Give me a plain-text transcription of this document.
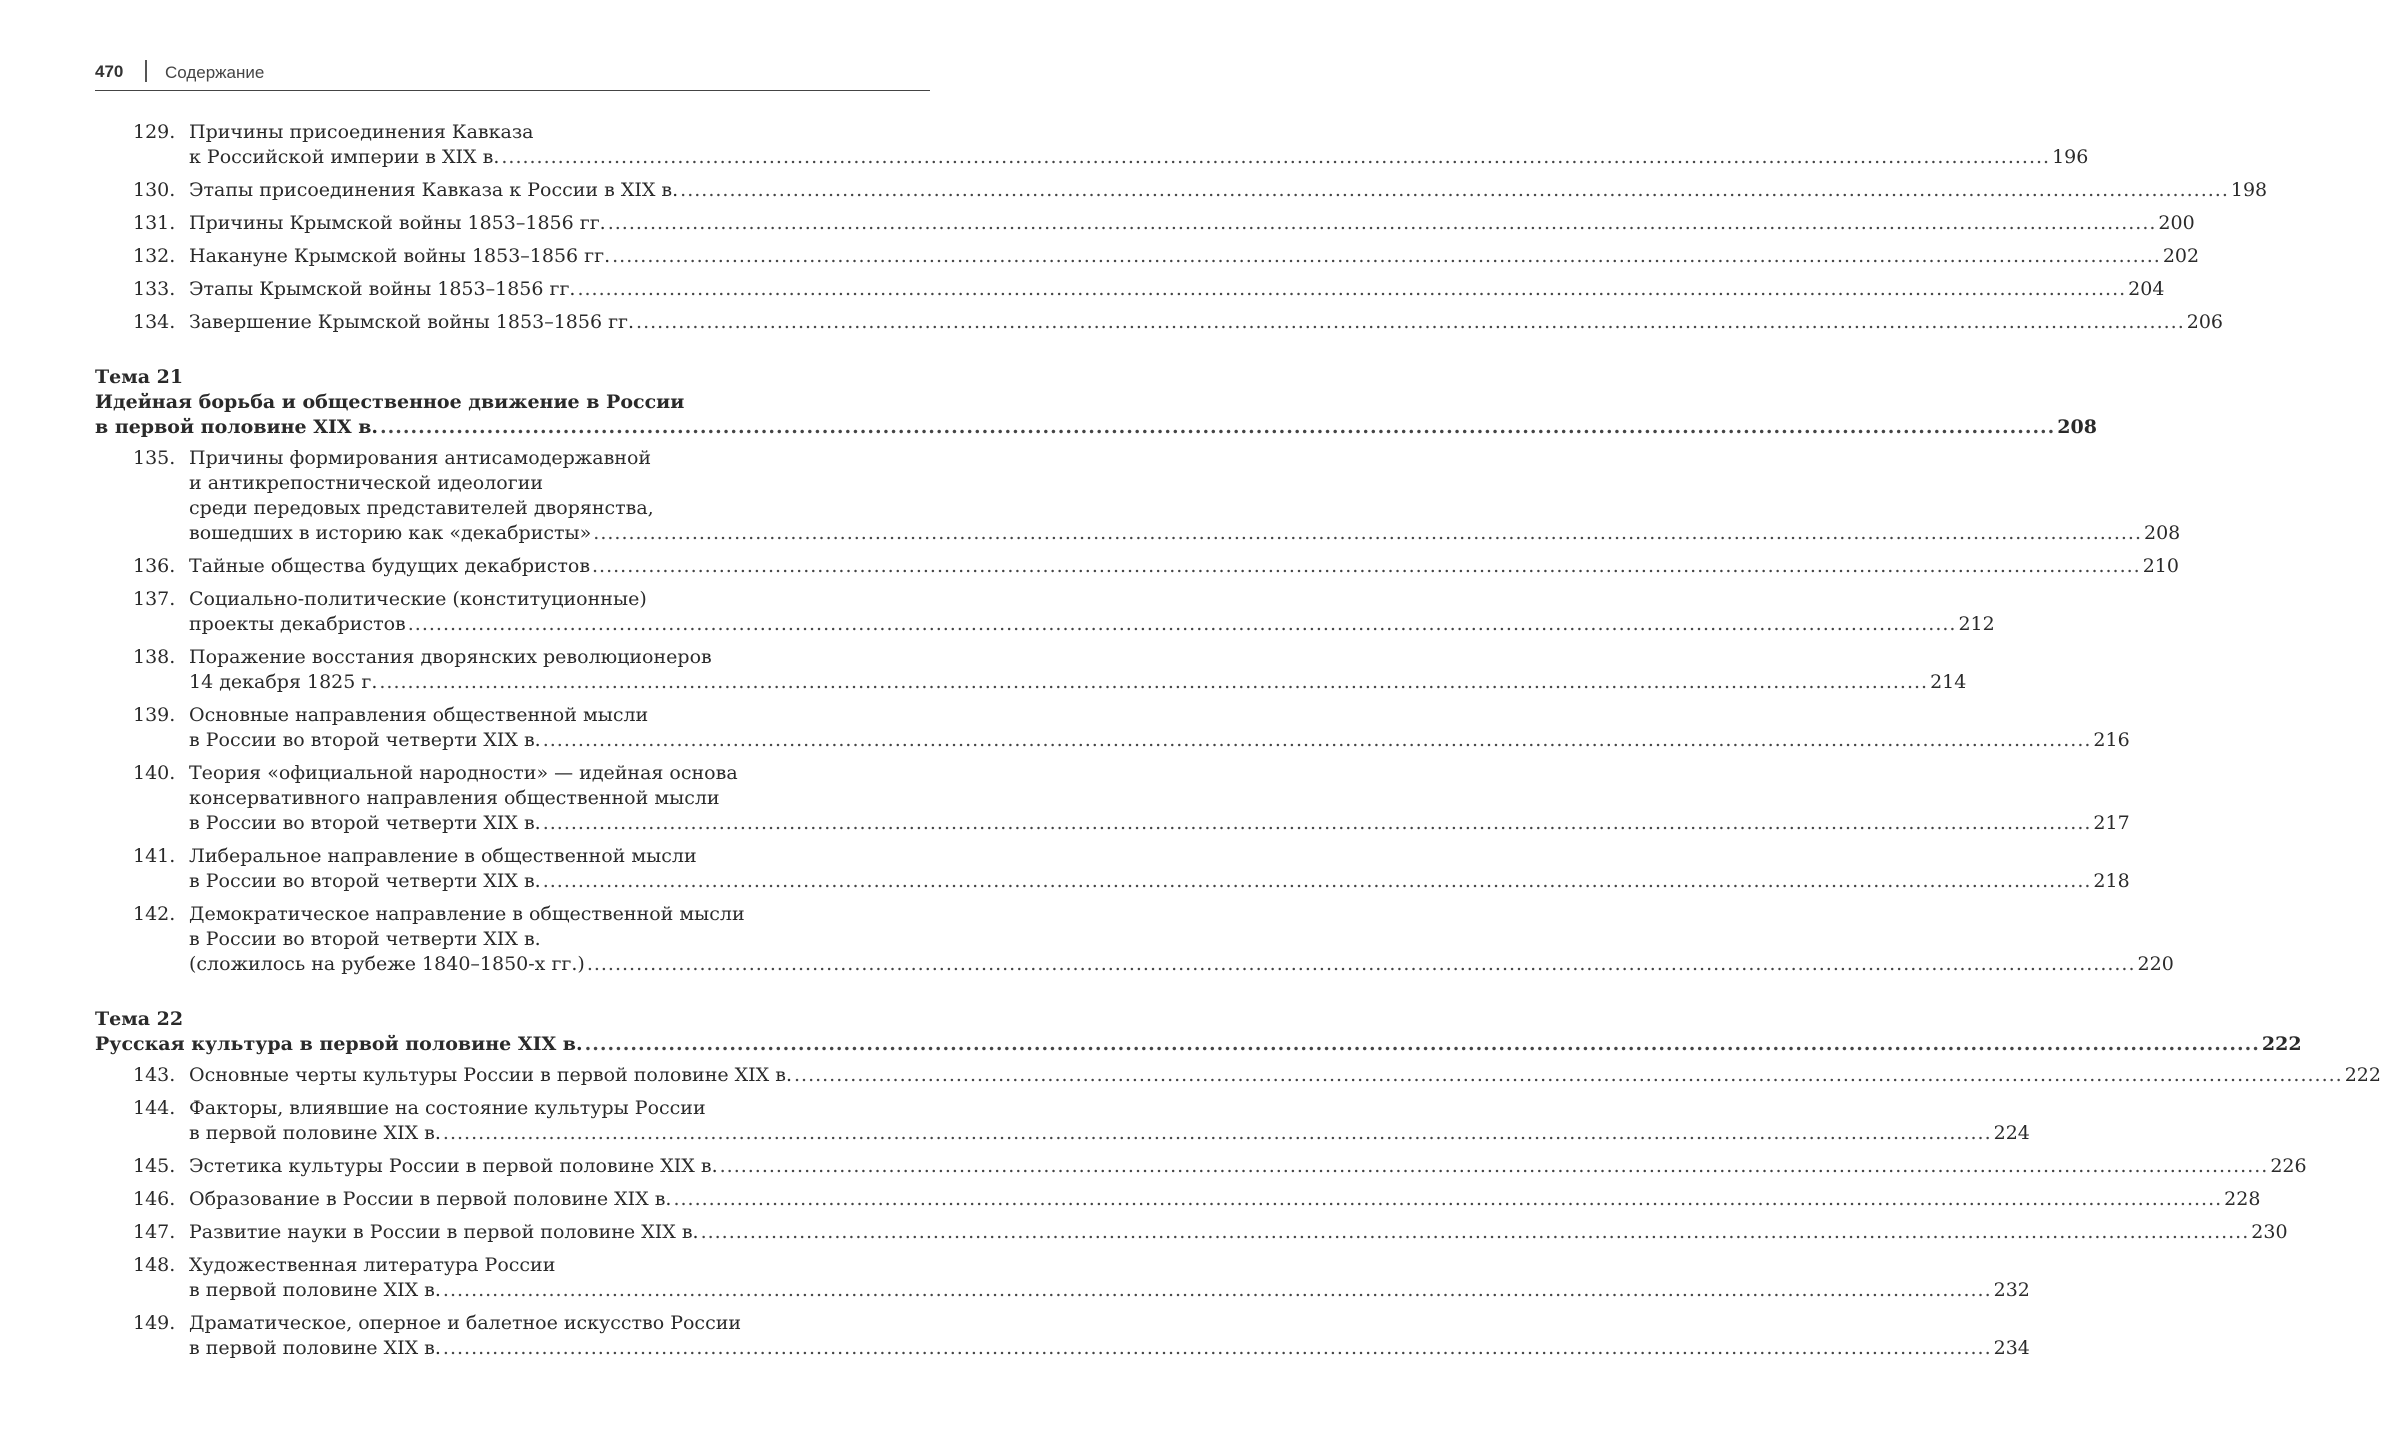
470 Содержание
129. Причины присоединения Кавказа
к Российской империи в XIX в. ............................................................................................................................................................................................................................ 196
130. Этапы присоединения Кавказа к России в XIX в. ............................................................................................................................................................................................................................ 198
131. Причины Крымской войны 1853–1856 гг. ............................................................................................................................................................................................................................ 200
132. Накануне Крымской войны 1853–1856 гг. ............................................................................................................................................................................................................................ 202
133. Этапы Крымской войны 1853–1856 гг. ............................................................................................................................................................................................................................ 204
134. Завершение Крымской войны 1853–1856 гг. ............................................................................................................................................................................................................................ 206
Тема 21
Идейная борьба и общественное движение в России
в первой половине XIX в. ............................................................................................................................................................................................................................ 208
135. Причины формирования антисамодержавной
и антикрепостнической идеологии
среди передовых представителей дворянства,
вошедших в историю как «декабристы» ............................................................................................................................................................................................................................ 208
136. Тайные общества будущих декабристов ............................................................................................................................................................................................................................ 210
137. Социально-политические (конституционные)
проекты декабристов ............................................................................................................................................................................................................................ 212
138. Поражение восстания дворянских революционеров
14 декабря 1825 г. ............................................................................................................................................................................................................................ 214
139. Основные направления общественной мысли
в России во второй четверти XIX в. ............................................................................................................................................................................................................................ 216
140. Теория «официальной народности» — идейная основа
консервативного направления общественной мысли
в России во второй четверти XIX в. ............................................................................................................................................................................................................................ 217
141. Либеральное направление в общественной мысли
в России во второй четверти XIX в. ............................................................................................................................................................................................................................ 218
142. Демократическое направление в общественной мысли
в России во второй четверти XIX в.
(сложилось на рубеже 1840–1850-х гг.) ............................................................................................................................................................................................................................ 220
Тема 22
Русская культура в первой половине XIX в. ............................................................................................................................................................................................................................ 222
143. Основные черты культуры России в первой половине XIX в. ............................................................................................................................................................................................................................ 222
144. Факторы, влиявшие на состояние культуры России
в первой половине XIX в. ............................................................................................................................................................................................................................ 224
145. Эстетика культуры России в первой половине XIX в. ............................................................................................................................................................................................................................ 226
146. Образование в России в первой половине XIX в. ............................................................................................................................................................................................................................ 228
147. Развитие науки в России в первой половине XIX в. ............................................................................................................................................................................................................................ 230
148. Художественная литература России
в первой половине XIX в. ............................................................................................................................................................................................................................ 232
149. Драматическое, оперное и балетное искусство России
в первой половине XIX в. ............................................................................................................................................................................................................................ 234
